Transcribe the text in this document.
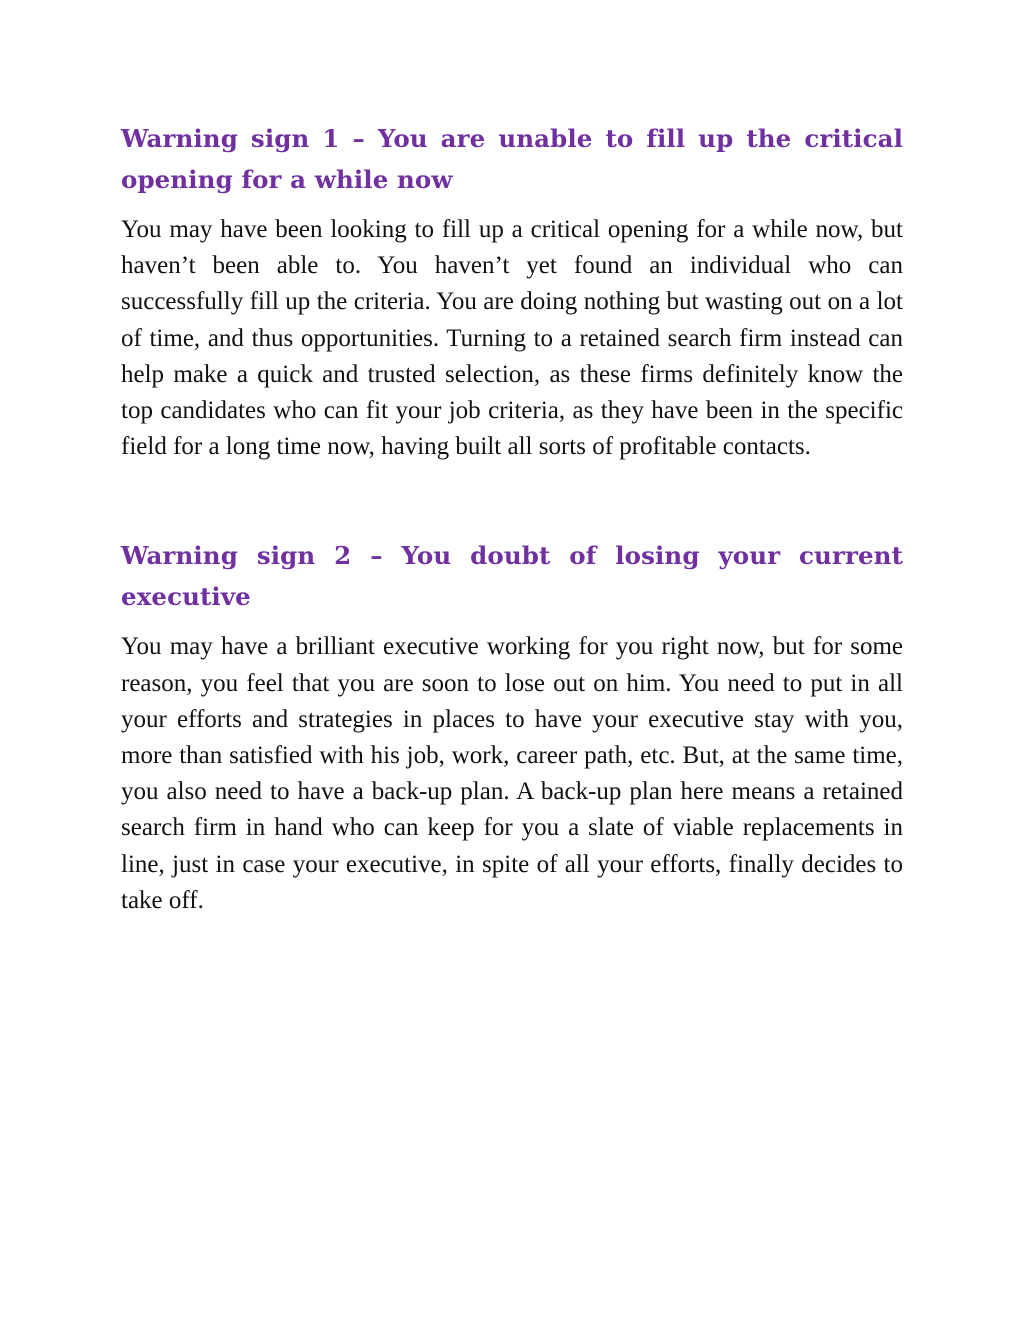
Warning sign 1 – You are unable to fill up the critical opening for a while now

You may have been looking to fill up a critical opening for a while now, but haven’t been able to. You haven’t yet found an individual who can successfully fill up the criteria. You are doing nothing but wasting out on a lot of time, and thus opportunities. Turning to a retained search firm instead can help make a quick and trusted selection, as these firms definitely know the top candidates who can fit your job criteria, as they have been in the specific field for a long time now, having built all sorts of profitable contacts.

Warning sign 2 – You doubt of losing your current executive

You may have a brilliant executive working for you right now, but for some reason, you feel that you are soon to lose out on him. You need to put in all your efforts and strategies in places to have your executive stay with you, more than satisfied with his job, work, career path, etc. But, at the same time, you also need to have a back-up plan. A back-up plan here means a retained search firm in hand who can keep for you a slate of viable replacements in line, just in case your executive, in spite of all your efforts, finally decides to take off.
